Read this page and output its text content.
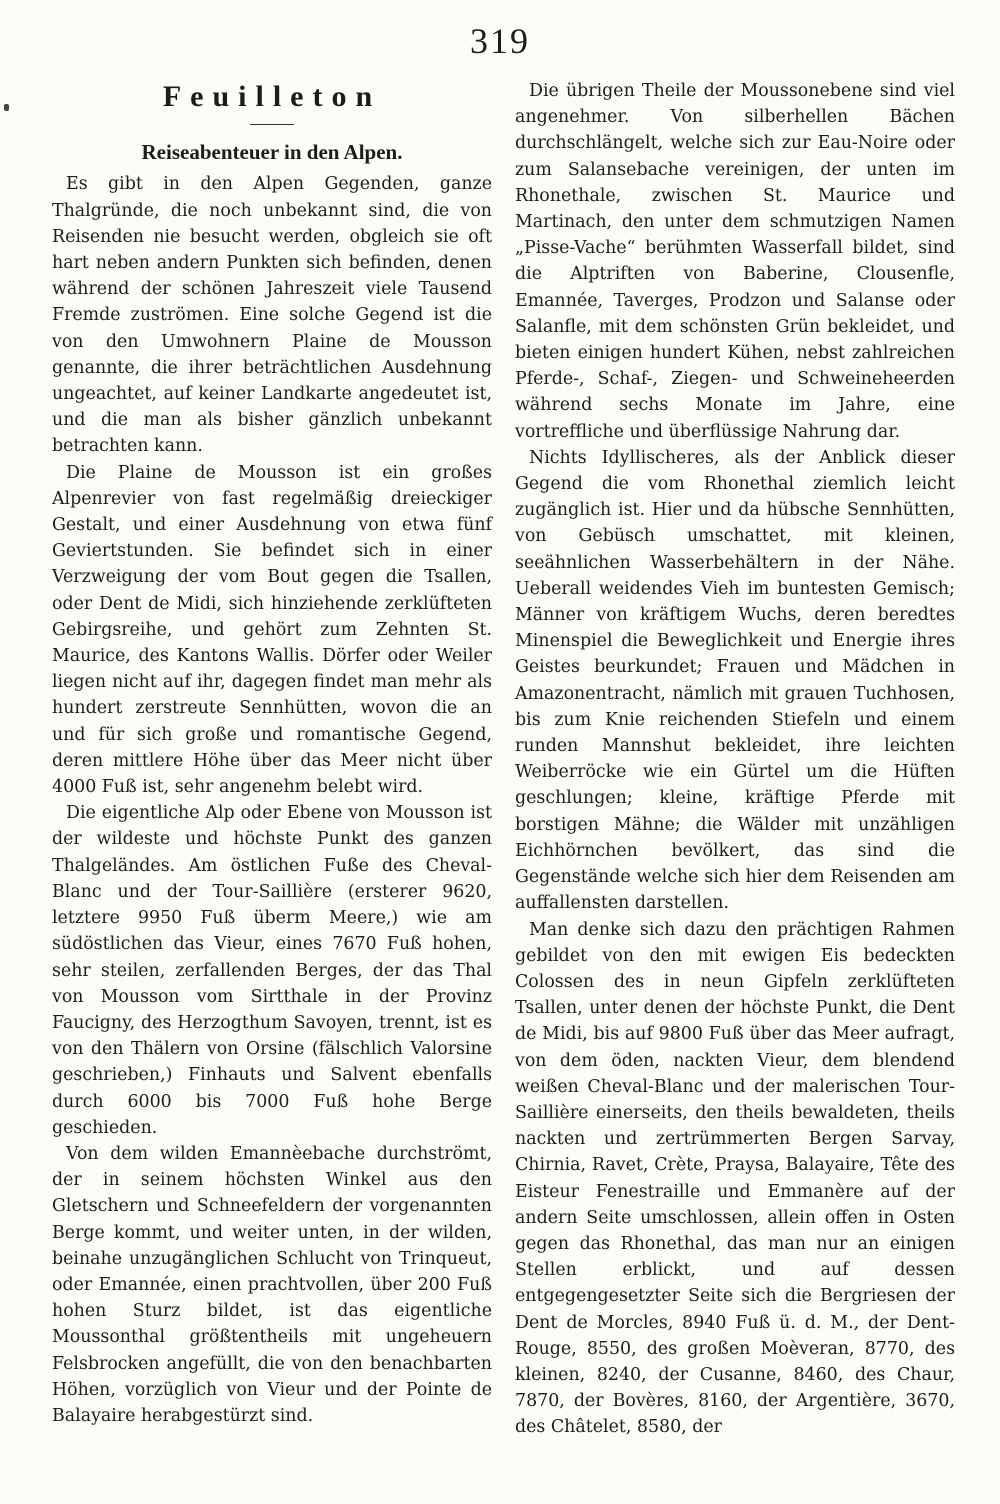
319
Feuilleton
Reiseabenteuer in den Alpen.

Es gibt in den Alpen Gegenden, ganze Thalgründe, die noch unbekannt sind, die von Reisenden nie besucht werden, obgleich sie oft hart neben andern Punkten sich befinden, denen während der schönen Jahreszeit viele Tausend Fremde zuströmen. Eine solche Gegend ist die von den Umwohnern Plaine de Mousson genannte, die ihrer beträchtlichen Ausdehnung ungeachtet, auf keiner Landkarte angedeutet ist, und die man als bisher gänzlich unbekannt betrachten kann.

Die Plaine de Mousson ist ein großes Alpenrevier von fast regelmäßig dreieckiger Gestalt, und einer Ausdehnung von etwa fünf Geviertstunden. Sie befindet sich in einer Verzweigung der vom Bout gegen die Tsallen, oder Dent de Midi, sich hinziehende zerklüfteten Gebirgsreihe, und gehört zum Zehnten St. Maurice, des Kantons Wallis. Dörfer oder Weiler liegen nicht auf ihr, dagegen findet man mehr als hundert zerstreute Sennhütten, wovon die an und für sich große und romantische Gegend, deren mittlere Höhe über das Meer nicht über 4000 Fuß ist, sehr angenehm belebt wird.

Die eigentliche Alp oder Ebene von Mousson ist der wildeste und höchste Punkt des ganzen Thalgeländes. Am östlichen Fuße des Cheval-Blanc und der Tour-Saillière (ersterer 9620, letztere 9950 Fuß überm Meere,) wie am südöstlichen das Vieur, eines 7670 Fuß hohen, sehr steilen, zerfallenden Berges, der das Thal von Mousson vom Sirtthale in der Provinz Faucigny, des Herzogthum Savoyen, trennt, ist es von den Thälern von Orsine (fälschlich Valorsine geschrieben,) Finhauts und Salvent ebenfalls durch 6000 bis 7000 Fuß hohe Berge geschieden.

Von dem wilden Emannèebache durchströmt, der in seinem höchsten Winkel aus den Gletschern und Schneefeldern der vorgenannten Berge kommt, und weiter unten, in der wilden, beinahe unzugänglichen Schlucht von Trinqueut, oder Emannée, einen prachtvollen, über 200 Fuß hohen Sturz bildet, ist das eigentliche Moussonthal größtentheils mit ungeheuern Felsbrocken angefüllt, die von den benachbarten Höhen, vorzüglich von Vieur und der Pointe de Balayaire herabgestürzt sind.

Die übrigen Theile der Moussonebene sind viel angenehmer. Von silberhellen Bächen durchschlängelt, welche sich zur Eau-Noire oder zum Salansebache vereinigen, der unten im Rhonethale, zwischen St. Maurice und Martinach, den unter dem schmutzigen Namen „Pisse-Vache“ berühmten Wasserfall bildet, sind die Alptriften von Baberine, Clousenfle, Emannée, Taverges, Prodzon und Salanse oder Salanfle, mit dem schönsten Grün bekleidet, und bieten einigen hundert Kühen, nebst zahlreichen Pferde-, Schaf-, Ziegen- und Schweineheerden während sechs Monate im Jahre, eine vortreffliche und überflüssige Nahrung dar.

Nichts Idyllischeres, als der Anblick dieser Gegend die vom Rhonethal ziemlich leicht zugänglich ist. Hier und da hübsche Sennhütten, von Gebüsch umschattet, mit kleinen, seeähnlichen Wasserbehältern in der Nähe. Ueberall weidendes Vieh im buntesten Gemisch; Männer von kräftigem Wuchs, deren beredtes Minenspiel die Beweglichkeit und Energie ihres Geistes beurkundet; Frauen und Mädchen in Amazonentracht, nämlich mit grauen Tuchhosen, bis zum Knie reichenden Stiefeln und einem runden Mannshut bekleidet, ihre leichten Weiberröcke wie ein Gürtel um die Hüften geschlungen; kleine, kräftige Pferde mit borstigen Mähne; die Wälder mit unzähligen Eichhörnchen bevölkert, das sind die Gegenstände welche sich hier dem Reisenden am auffallensten darstellen.

Man denke sich dazu den prächtigen Rahmen gebildet von den mit ewigen Eis bedeckten Colossen des in neun Gipfeln zerklüfteten Tsallen, unter denen der höchste Punkt, die Dent de Midi, bis auf 9800 Fuß über das Meer aufragt, von dem öden, nackten Vieur, dem blendend weißen Cheval-Blanc und der malerischen Tour-Saillière einerseits, den theils bewaldeten, theils nackten und zertrümmerten Bergen Sarvay, Chirnia, Ravet, Crète, Praysa, Balayaire, Tête des Eisteur Fenestraille und Emmanère auf der andern Seite umschlossen, allein offen in Osten gegen das Rhonethal, das man nur an einigen Stellen erblickt, und auf dessen entgegengesetzter Seite sich die Bergriesen der Dent de Morcles, 8940 Fuß ü. d. M., der Dent-Rouge, 8550, des großen Moèveran, 8770, des kleinen, 8240, der Cusanne, 8460, des Chaur, 7870, der Bovères, 8160, der Argentière, 3670, des Châtelet, 8580, der
